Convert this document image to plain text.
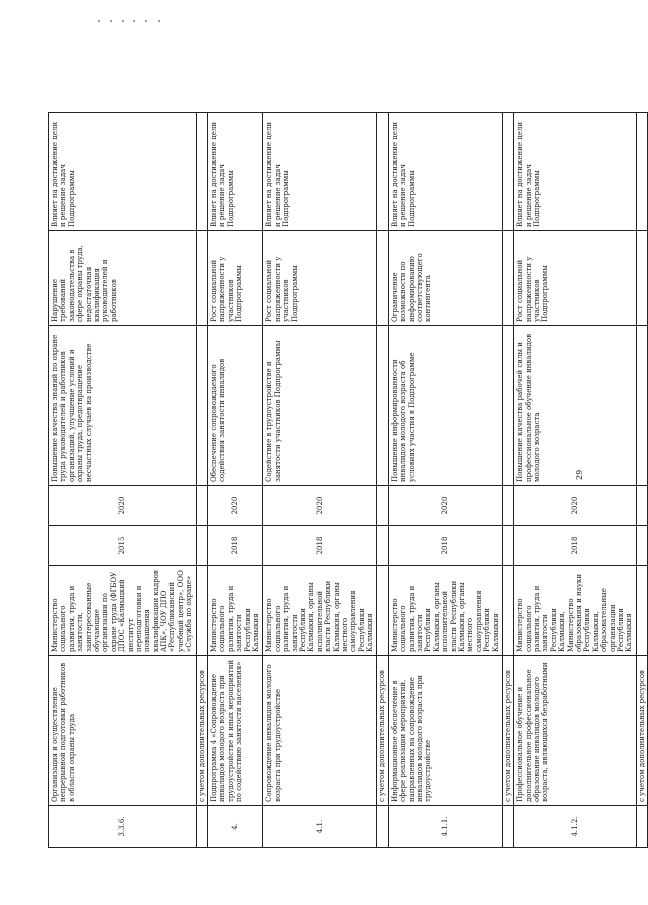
3.3.6.	Организация и осуществление непрерывной подготовки работников в области охраны труда	Министерство социального развития, труда и занятости, заинтересованные обучающие организации по охране труда (ФГБОУ ДПОС «Калмыцкий институт переподготовки и повышения квалификации кадров АПК», ЧОУ ДПО «Республиканский учебный центр», ООО «Служба по охране»	2015	2020	Повышение качества знаний по охране труда руководителей и работников организаций, улучшение условий и охраны труда, предотвращение несчастных случаев на производстве	Нарушение требований законодательства в сфере охраны труда, недостаточная квалификация руководителей и работников	Влияет на достижение цели и решение задач Подпрограммы
	с учетом дополнительных ресурсов						
4.	Подпрограмма 4 «Сопровождение инвалидов молодого возраста при трудоустройстве и иных мероприятий по содействию занятости населения»	Министерство социального развития, труда и занятости Республики Калмыкия	2018	2020	Обеспечение сопровождаемого содействия занятости инвалидов	Рост социальной напряженности у участников Подпрограммы	Влияет на достижение цели и решение задач Подпрограммы
4.1.	Сопровождение инвалидов молодого возраста при трудоустройстве	Министерство социального развития, труда и занятости Республики Калмыкия, органы исполнительной власти Республики Калмыкия, органы местного самоуправления Республики Калмыкия	2018	2020	Содействие в трудоустройстве и занятости участников Подпрограммы	Рост социальной напряженности у участников Подпрограммы	Влияет на достижение цели и решение задач Подпрограммы
	с учетом дополнительных ресурсов						
4.1.1.	Информационное обеспечение в сфере реализации мероприятий, направленных на сопровождение инвалидов молодого возраста при трудоустройстве	Министерство социального развития, труда и занятости Республики Калмыкия, органы исполнительной власти Республики Калмыкия, органы местного самоуправления Республики Калмыкия	2018	2020	Повышение информированности инвалидов молодого возраста об условиях участия в Подпрограмме	Ограничение возможности по информированию соответствующего контингента	Влияет на достижение цели и решение задач Подпрограммы
	с учетом дополнительных ресурсов						
4.1.2.	Профессиональное обучение и дополнительное профессиональное образование инвалидов молодого возраста, являющихся безработными	Министерство социального развития, труда и занятости Республики Калмыкия, Министерство образования и науки Республики Калмыкия, образовательные организации Республики Калмыкия	2018	2020	Повышение качества рабочей силы и профессиональное обучение инвалидов молодого возраста	Рост социальной напряженности у участников Подпрограммы	Влияет на достижение цели и решение задач Подпрограммы
	с учетом дополнительных ресурсов						
29
